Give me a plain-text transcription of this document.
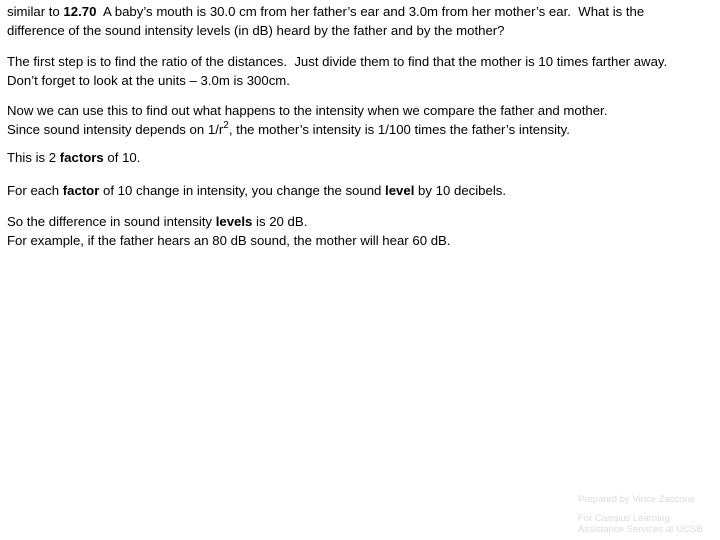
similar to 12.70  A baby’s mouth is 30.0 cm from her father’s ear and 3.0m from her mother’s ear.  What is the
difference of the sound intensity levels (in dB) heard by the father and by the mother?

The first step is to find the ratio of the distances.  Just divide them to find that the mother is 10 times farther away.
Don’t forget to look at the units – 3.0m is 300cm.

Now we can use this to find out what happens to the intensity when we compare the father and mother.
Since sound intensity depends on $1/r^2$, the mother’s intensity is 1/100 times the father’s intensity.

This is 2 factors of 10.

For each factor of 10 change in intensity, you change the sound level by 10 decibels.

So the difference in sound intensity levels is 20 dB.
For example, if the father hears an 80 dB sound, the mother will hear 60 dB.

Prepared by Vince Zaccone
For Campus Learning
Assistance Services at UCSB
